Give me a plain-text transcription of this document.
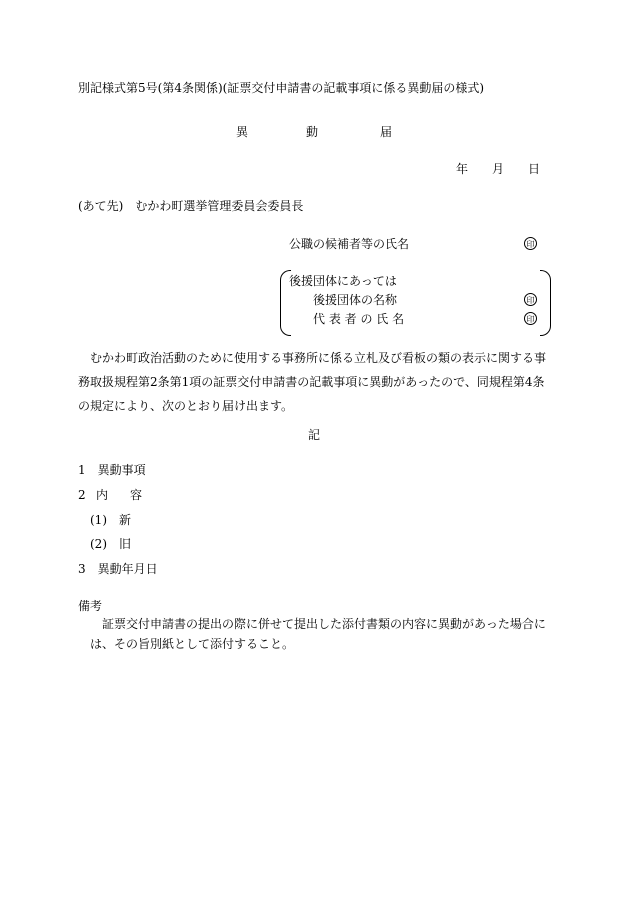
別記様式第5号(第4条関係)(証票交付申請書の記載事項に係る異動届の様式)
異	動	届
年 月 日
(あて先)　むかわ町選挙管理委員会委員長
公職の候補者等の氏名	印
後援団体にあっては
後援団体の名称	印
代 表 者 の 氏 名	印

むかわ町政治活動のために使用する事務所に係る立札及び看板の類の表示に関する事務取扱規程第2条第1項の証票交付申請書の記載事項に異動があったので、同規程第4条の規定により、次のとおり届け出ます。

記
1　異動事項
2 内 容
(1)　新
(2)　旧
3　異動年月日
備考
証票交付申請書の提出の際に併せて提出した添付書類の内容に異動があった場合に
は、その旨別紙として添付すること。
